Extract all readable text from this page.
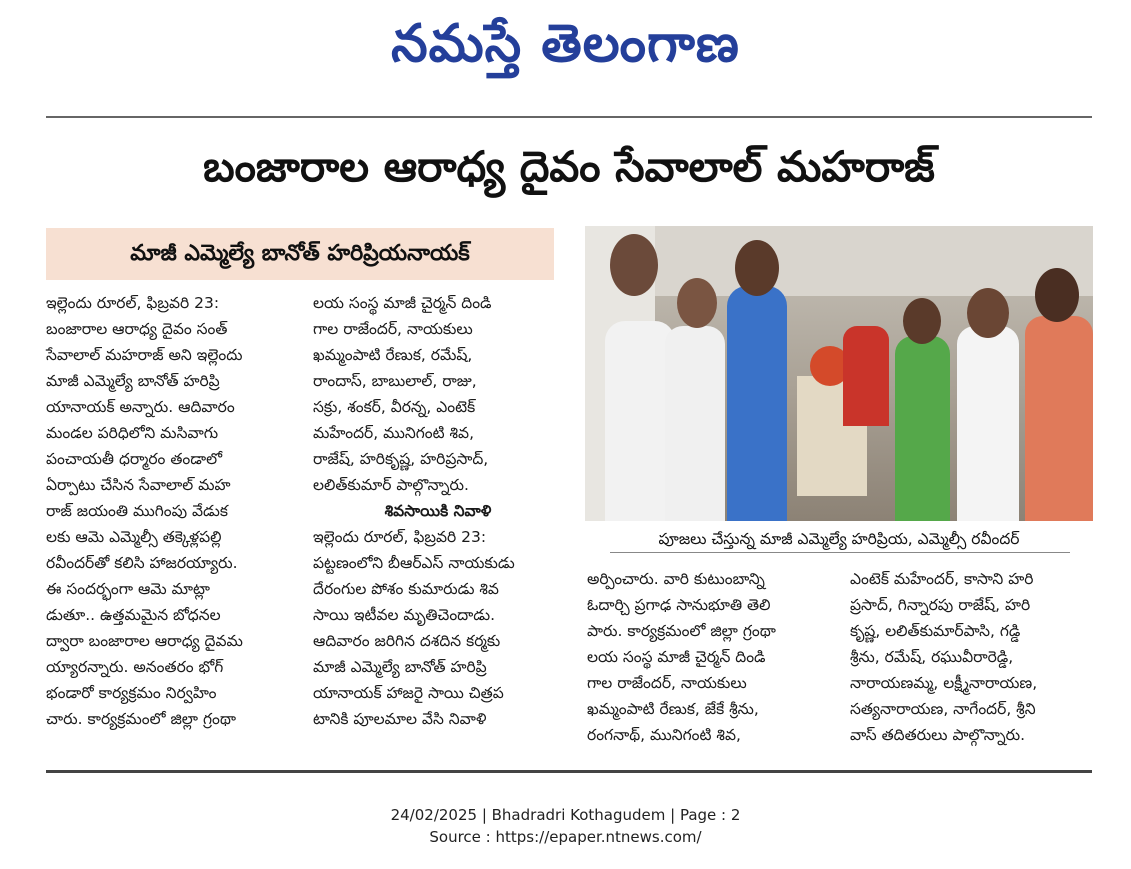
నమస్తే తెలంగాణ
బంజారాల ఆరాధ్య దైవం సేవాలాల్ మహరాజ్
మాజీ ఎమ్మెల్యే బానోత్ హరిప్రియనాయక్

ఇల్లెందు రూరల్, ఫిబ్రవరి 23:

బంజారాల ఆరాధ్య దైవం సంత్

సేవాలాల్ మహరాజ్ అని ఇల్లెందు

మాజీ ఎమ్మెల్యే బానోత్ హరిప్రి

యానాయక్ అన్నారు. ఆదివారం

మండల పరిధిలోని మసివాగు

పంచాయతీ ధర్మారం తండాలో

ఏర్పాటు చేసిన సేవాలాల్ మహ

రాజ్ జయంతి ముగింపు వేడుక

లకు ఆమె ఎమ్మెల్సీ తక్కెళ్లపల్లి

రవీందర్‌తో కలిసి హాజరయ్యారు.

ఈ సందర్భంగా ఆమె మాట్లా

డుతూ.. ఉత్తమమైన బోధనల

ద్వారా బంజారాల ఆరాధ్య దైవమ

య్యారన్నారు. అనంతరం భోగ్

భండారో కార్యక్రమం నిర్వహిం

చారు. కార్యక్రమంలో జిల్లా గ్రంథా

లయ సంస్థ మాజీ చైర్మన్ దిండి

గాల రాజేందర్, నాయకులు

ఖమ్మంపాటి రేణుక, రమేష్,

రాందాస్, బాబులాల్, రాజు,

సక్రు, శంకర్, వీరన్న, ఎంటెక్

మహేందర్, మునిగంటి శివ,

రాజేష్, హరికృష్ణ, హరిప్రసాద్,

లలిత్‌కుమార్ పాల్గొన్నారు.

శివసాయికి నివాళి

ఇల్లెందు రూరల్, ఫిబ్రవరి 23:

పట్టణంలోని బీఆర్ఎస్ నాయకుడు

దేరంగుల పోశం కుమారుడు శివ

సాయి ఇటీవల మృతిచెందాడు.

ఆదివారం జరిగిన దశదిన కర్మకు

మాజీ ఎమ్మెల్యే బానోత్ హరిప్రి

యానాయక్ హాజరై సాయి చిత్రప

టానికి పూలమాల వేసి నివాళి

పూజలు చేస్తున్న మాజీ ఎమ్మెల్యే హరిప్రియ, ఎమ్మెల్సీ రవీందర్

అర్పించారు. వారి కుటుంబాన్ని

ఓదార్చి ప్రగాఢ సానుభూతి తెలి

పారు. కార్యక్రమంలో జిల్లా గ్రంథా

లయ సంస్థ మాజీ చైర్మన్ దిండి

గాల రాజేందర్, నాయకులు

ఖమ్మంపాటి రేణుక, జేకే శ్రీను,

రంగనాథ్, మునిగంటి శివ,

ఎంటెక్ మహేందర్, కాసాని హరి

ప్రసాద్, గిన్నారపు రాజేష్, హరి

కృష్ణ, లలిత్‌కుమార్‌పాసి, గడ్డి

శ్రీను, రమేష్, రఘువీరారెడ్డి,

నారాయణమ్మ, లక్ష్మీనారాయణ,

సత్యనారాయణ, నాగేందర్, శ్రీని

వాస్ తదితరులు పాల్గొన్నారు.

24/02/2025 | Bhadradri Kothagudem | Page : 2
Source : https://epaper.ntnews.com/
